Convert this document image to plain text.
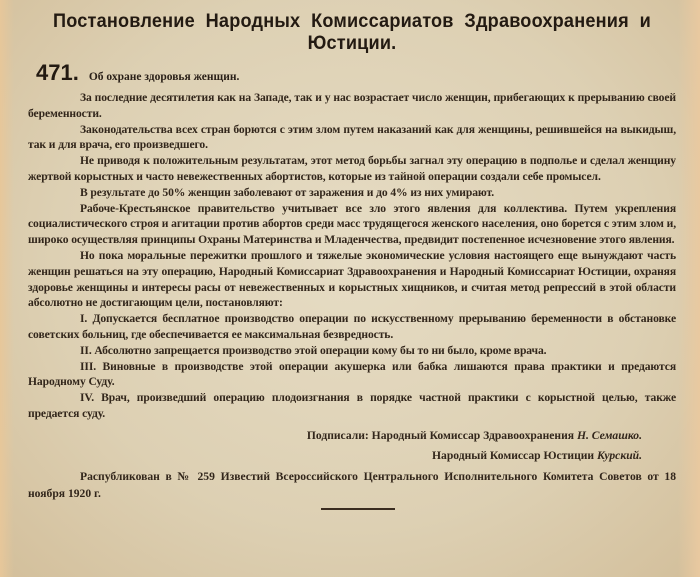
Постановление Народных Комиссариатов Здравоохранения и
Юстиции.
471. Об охране здоровья женщин.

За последние десятилетия как на Западе, так и у нас возрастает число женщин, прибегающих к прерыванию своей беременности.

Законодательства всех стран борются с этим злом путем наказаний как для женщины, решившейся на выкидыш, так и для врача, его произведшего.

Не приводя к положительным результатам, этот метод борьбы загнал эту операцию в подполье и сделал женщину жертвой корыстных и часто невежественных абортистов, которые из тайной операции создали себе промысел.

В результате до 50% женщин заболевают от заражения и до 4% из них умирают.

Рабоче-Крестьянское правительство учитывает все зло этого явления для коллектива. Путем укрепления социалистического строя и агитации против абортов среди масс трудящегося женского населения, оно борется с этим злом и, широко осуществляя принципы Охраны Материнства и Младенчества, предвидит постепенное исчезновение этого явления.

Но пока моральные пережитки прошлого и тяжелые экономические условия настоящего еще вынуждают часть женщин решаться на эту операцию, Народный Комиссариат Здравоохранения и Народный Комиссариат Юстиции, охраняя здоровье женщины и интересы расы от невежественных и корыстных хищников, и считая метод репрессий в этой области абсолютно не достигающим цели, постановляют:

I. Допускается бесплатное производство операции по искусственному прерыванию беременности в обстановке советских больниц, где обеспечивается ее максимальная безвредность.

II. Абсолютно запрещается производство этой операции кому бы то ни было, кроме врача.

III. Виновные в производстве этой операции акушерка или бабка лишаются права практики и предаются Народному Суду.

IV. Врач, произведший операцию плодоизгнания в порядке частной практики с корыстной целью, также предается суду.

Подписали: Народный Комиссар Здравоохранения Н. Семашко.
Народный Комиссар Юстиции Курский.

Распубликован в № 259 Известий Всероссийского Центрального Исполнительного Комитета Советов от 18 ноября 1920 г.
